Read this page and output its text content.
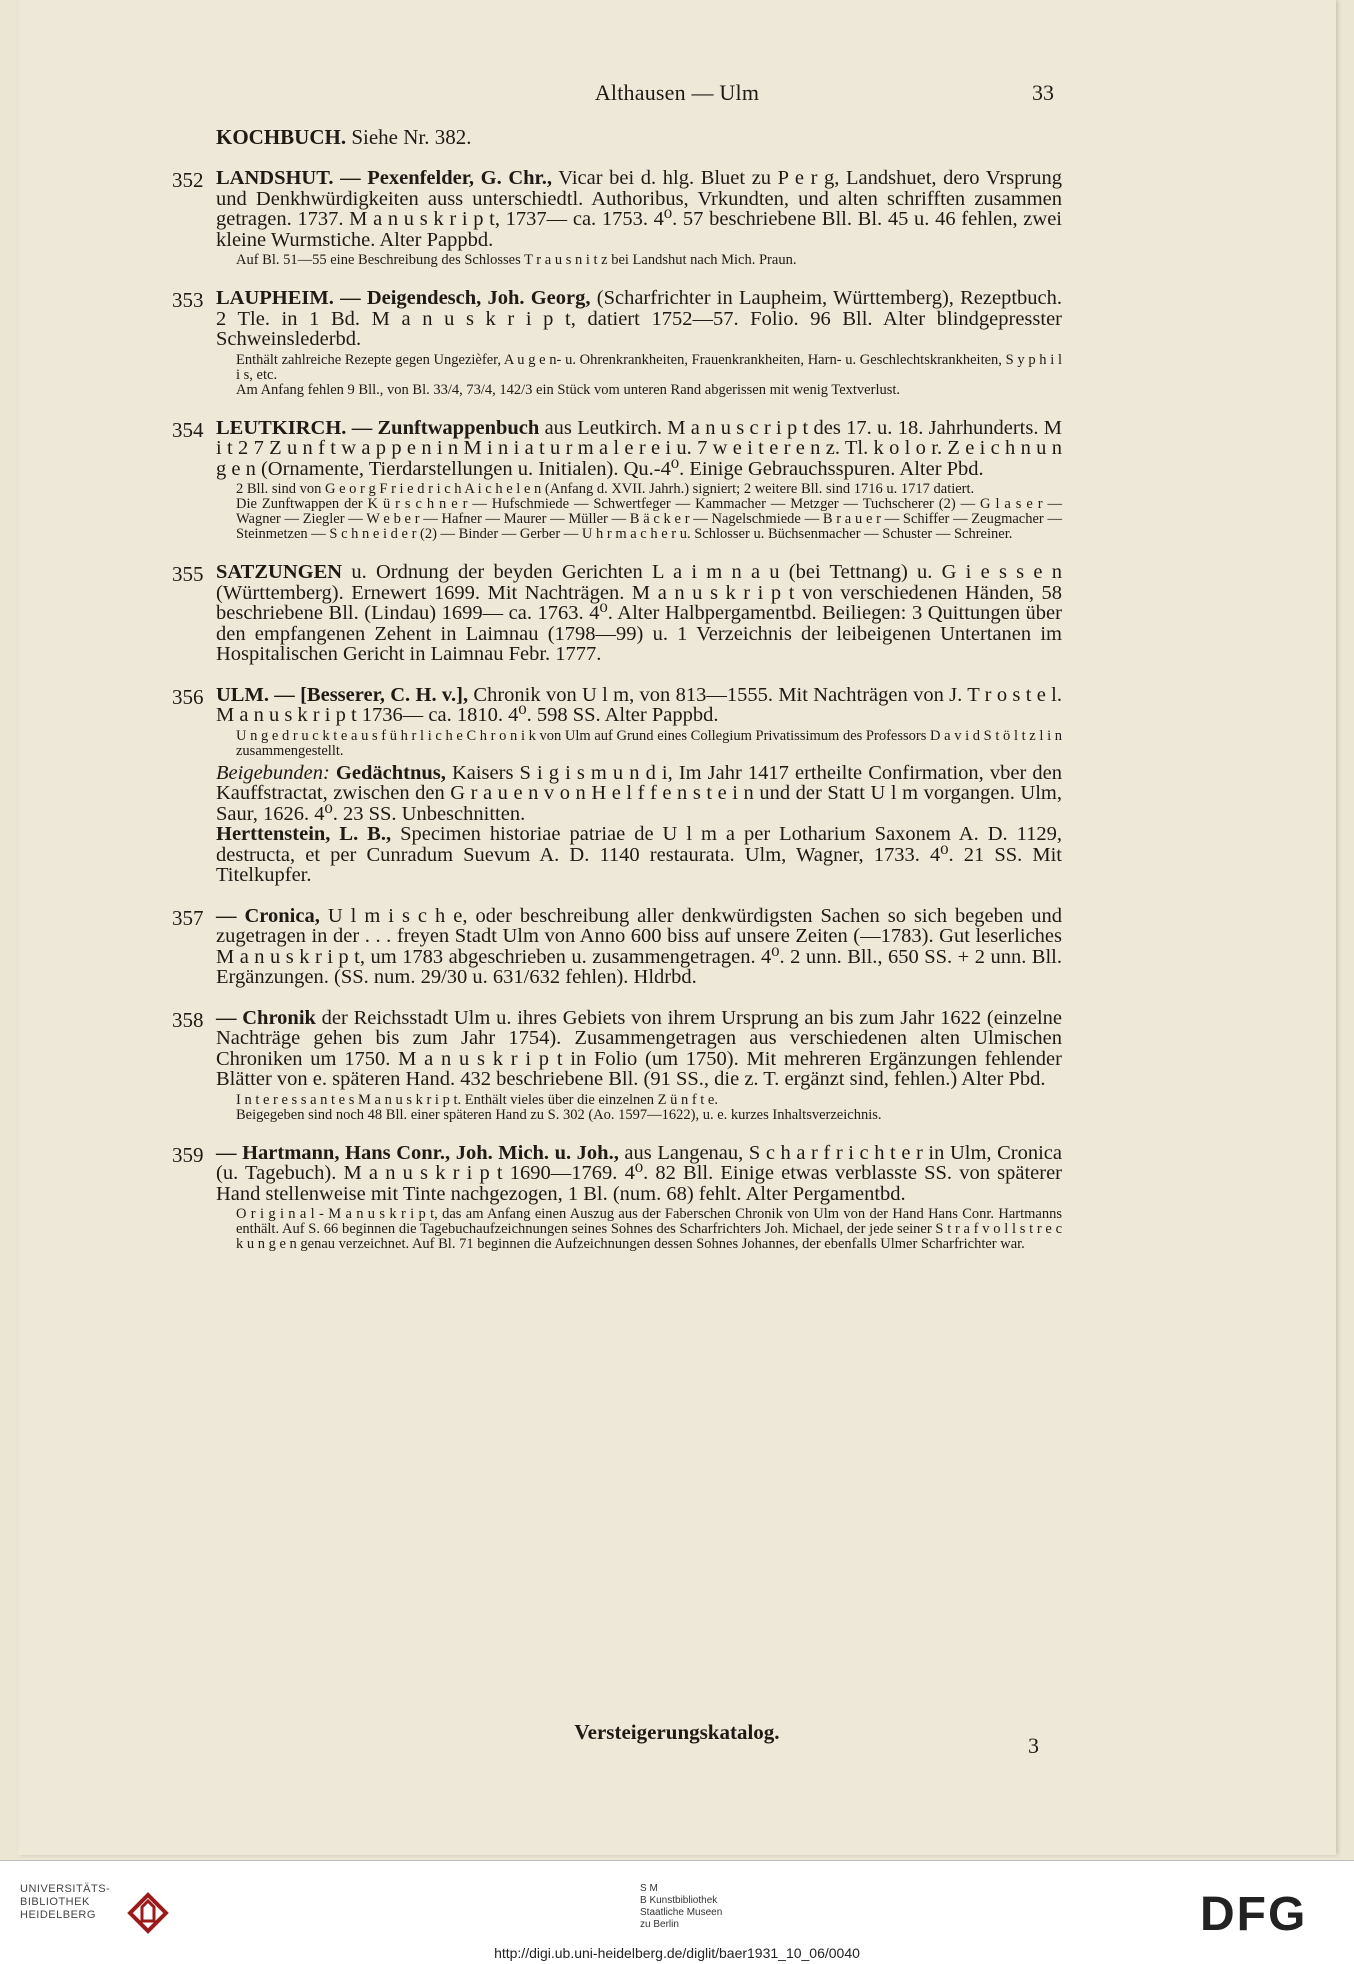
Althausen — Ulm	33
KOCHBUCH. Siehe Nr. 382.
352 LANDSHUT. — Pexenfelder, G. Chr., Vicar bei d. hlg. Bluet zu P e r g, Landshuet, dero Vrsprung und Denkhwürdigkeiten auss unterschiedtl. Authoribus, Vrkundten, und alten schrifften zusammen getragen. 1737. M a n u s k r i p t, 1737— ca. 1753. 4⁰. 57 beschriebene Bll. Bl. 45 u. 46 fehlen, zwei kleine Wurmstiche. Alter Pappbd.

Auf Bl. 51—55 eine Beschreibung des Schlosses T r a u s n i t z bei Landshut nach Mich. Praun.

353 LAUPHEIM. — Deigendesch, Joh. Georg, (Scharfrichter in Laupheim, Württemberg), Rezeptbuch. 2 Tle. in 1 Bd. M a n u s k r i p t, datiert 1752—57. Folio. 96 Bll. Alter blindgepresster Schweinslederbd.

Enthält zahlreiche Rezepte gegen Ungezièfer, A u g e n- u. Ohrenkrankheiten, Frauenkrankheiten, Harn- u. Geschlechtskrankheiten, S y p h i l i s, etc.

Am Anfang fehlen 9 Bll., von Bl. 33/4, 73/4, 142/3 ein Stück vom unteren Rand abgerissen mit wenig Textverlust.

354 LEUTKIRCH. — Zunftwappenbuch aus Leutkirch. M a n u s c r i p t des 17. u. 18. Jahrhunderts. M i t 2 7 Z u n f t w a p p e n i n M i n i a t u r m a l e r e i u. 7 w e i t e r e n z. Tl. k o l o r. Z e i c h n u n g e n (Ornamente, Tierdarstellungen u. Initialen). Qu.-4⁰. Einige Gebrauchsspuren. Alter Pbd.

2 Bll. sind von G e o r g F r i e d r i c h A i c h e l e n (Anfang d. XVII. Jahrh.) signiert; 2 weitere Bll. sind 1716 u. 1717 datiert.

Die Zunftwappen der K ü r s c h n e r — Hufschmiede — Schwertfeger — Kammacher — Metzger — Tuchscherer (2) — G l a s e r — Wagner — Ziegler — W e b e r — Hafner — Maurer — Müller — B ä c k e r — Nagelschmiede — B r a u e r — Schiffer — Zeugmacher — Steinmetzen — S c h n e i d e r (2) — Binder — Gerber — U h r m a c h e r u. Schlosser u. Büchsenmacher — Schuster — Schreiner.

355 SATZUNGEN u. Ordnung der beyden Gerichten L a i m n a u (bei Tettnang) u. G i e s s e n (Württemberg). Ernewert 1699. Mit Nachträgen. M a n u s k r i p t von verschiedenen Händen, 58 beschriebene Bll. (Lindau) 1699— ca. 1763. 4⁰. Alter Halbpergamentbd. Beiliegen: 3 Quittungen über den empfangenen Zehent in Laimnau (1798—99) u. 1 Verzeichnis der leibeigenen Untertanen im Hospitalischen Gericht in Laimnau Febr. 1777.

356 ULM. — [Besserer, C. H. v.], Chronik von U l m, von 813—1555. Mit Nachträgen von J. T r o s t e l. M a n u s k r i p t 1736— ca. 1810. 4⁰. 598 SS. Alter Pappbd.

U n g e d r u c k t e a u s f ü h r l i c h e C h r o n i k von Ulm auf Grund eines Collegium Privatissimum des Professors D a v i d S t ö l t z l i n zusammengestellt.

Beigebunden: Gedächtnus, Kaisers S i g i s m u n d i, Im Jahr 1417 ertheilte Confirmation, vber den Kauffstractat, zwischen den G r a u e n v o n H e l f f e n s t e i n und der Statt U l m vorgangen. Ulm, Saur, 1626. 4⁰. 23 SS. Unbeschnitten.

Herttenstein, L. B., Specimen historiae patriae de U l m a per Lotharium Saxonem A. D. 1129, destructa, et per Cunradum Suevum A. D. 1140 restaurata. Ulm, Wagner, 1733. 4⁰. 21 SS. Mit Titelkupfer.

357 — Cronica, U l m i s c h e, oder beschreibung aller denkwürdigsten Sachen so sich begeben und zugetragen in der . . . freyen Stadt Ulm von Anno 600 biss auf unsere Zeiten (—1783). Gut leserliches M a n u s k r i p t, um 1783 abgeschrieben u. zusammengetragen. 4⁰. 2 unn. Bll., 650 SS. + 2 unn. Bll. Ergänzungen. (SS. num. 29/30 u. 631/632 fehlen). Hldrbd.

358 — Chronik der Reichsstadt Ulm u. ihres Gebiets von ihrem Ursprung an bis zum Jahr 1622 (einzelne Nachträge gehen bis zum Jahr 1754). Zusammengetragen aus verschiedenen alten Ulmischen Chroniken um 1750. M a n u s k r i p t in Folio (um 1750). Mit mehreren Ergänzungen fehlender Blätter von e. späteren Hand. 432 beschriebene Bll. (91 SS., die z. T. ergänzt sind, fehlen.) Alter Pbd.

I n t e r e s s a n t e s M a n u s k r i p t. Enthält vieles über die einzelnen Z ü n f t e.

Beigegeben sind noch 48 Bll. einer späteren Hand zu S. 302 (Ao. 1597—1622), u. e. kurzes Inhaltsverzeichnis.

359 — Hartmann, Hans Conr., Joh. Mich. u. Joh., aus Langenau, S c h a r f r i c h t e r in Ulm, Cronica (u. Tagebuch). M a n u s k r i p t 1690—1769. 4⁰. 82 Bll. Einige etwas verblasste SS. von späterer Hand stellenweise mit Tinte nachgezogen, 1 Bl. (num. 68) fehlt. Alter Pergamentbd.

O r i g i n a l - M a n u s k r i p t, das am Anfang einen Auszug aus der Faberschen Chronik von Ulm von der Hand Hans Conr. Hartmanns enthält. Auf S. 66 beginnen die Tagebuchaufzeichnungen seines Sohnes des Scharfrichters Joh. Michael, der jede seiner S t r a f v o l l s t r e c k u n g e n genau verzeichnet. Auf Bl. 71 beginnen die Aufzeichnungen dessen Sohnes Johannes, der ebenfalls Ulmer Scharfrichter war.

Versteigerungskatalog.
3
UNIVERSITÄTS-
BIBLIOTHEK
HEIDELBERG
S M
B Kunstbibliothek
Staatliche Museen
zu Berlin	DFG
http://digi.ub.uni-heidelberg.de/diglit/baer1931_10_06/0040
